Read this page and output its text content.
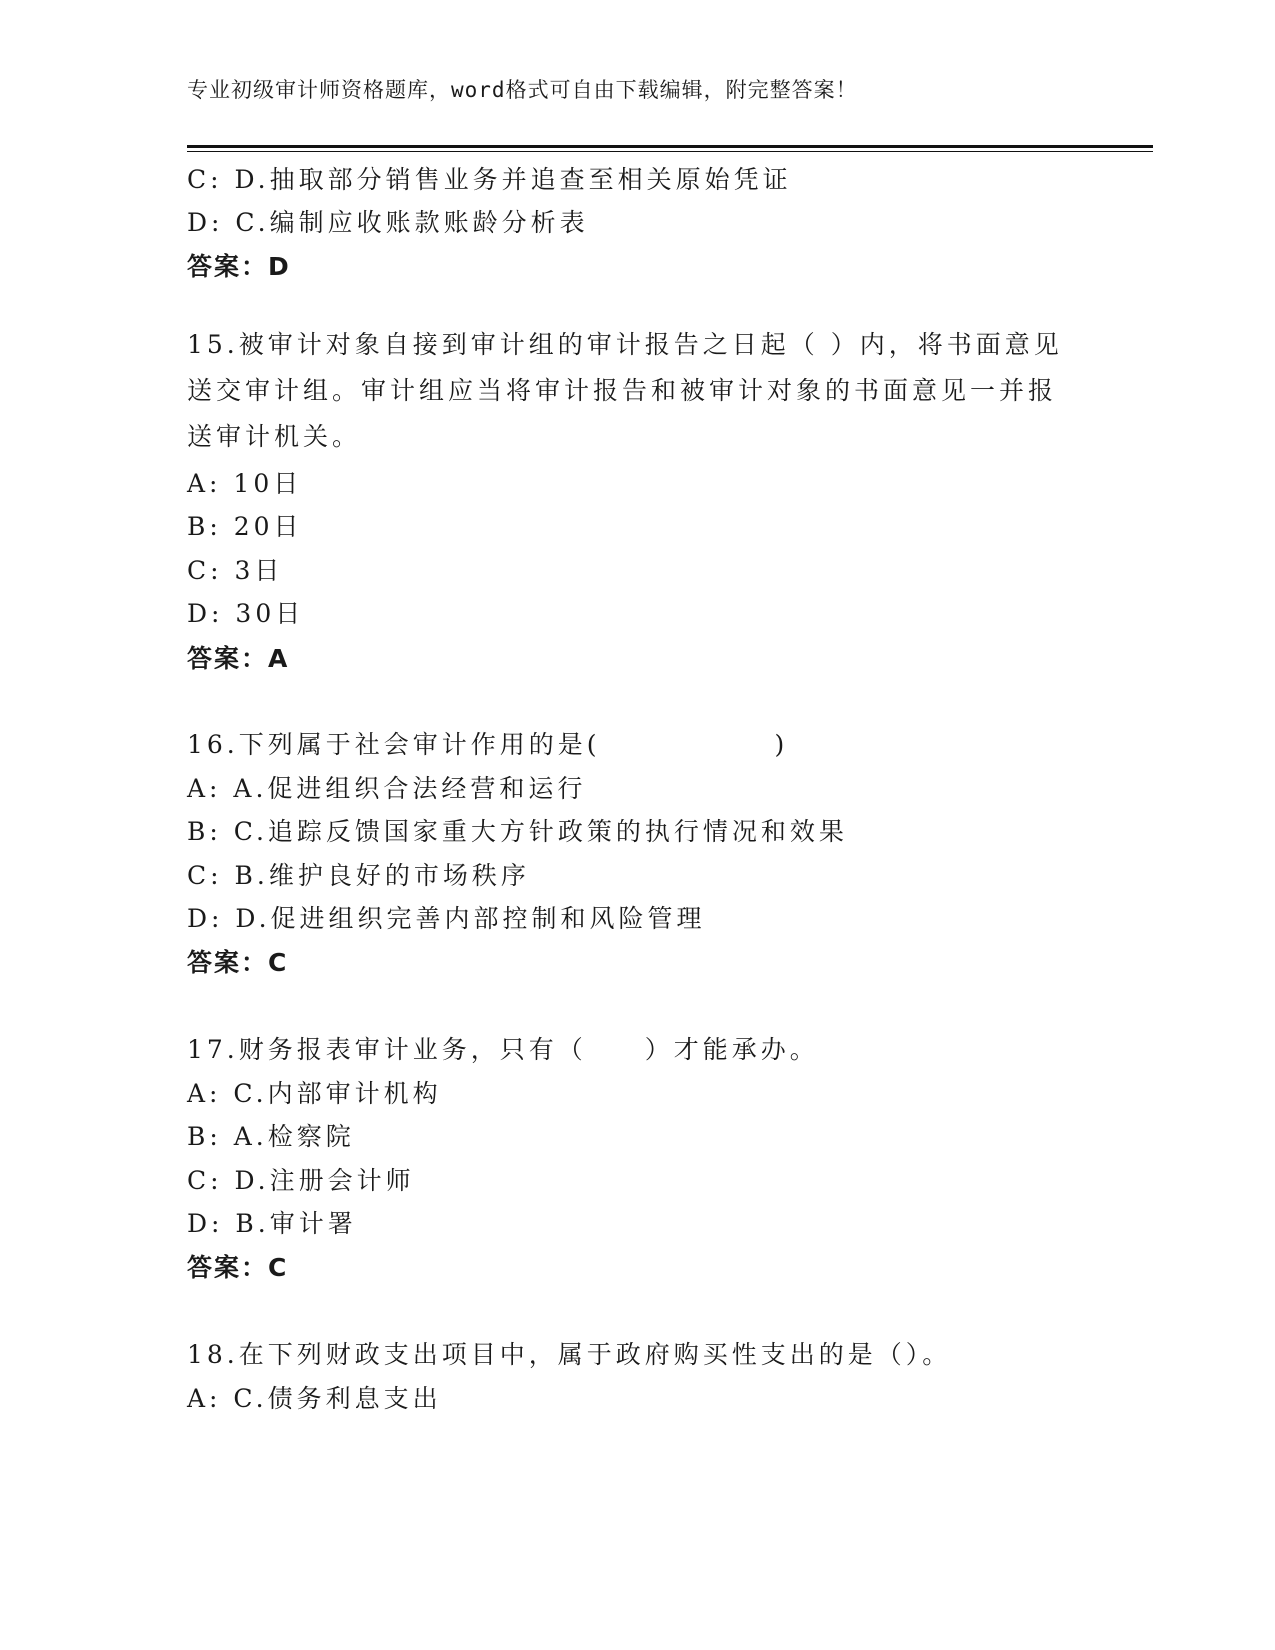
专业初级审计师资格题库，word格式可自由下载编辑，附完整答案！
C: D.抽取部分销售业务并追查至相关原始凭证
D: C.编制应收账款账龄分析表
答案：D
15.被审计对象自接到审计组的审计报告之日起（ ）内，将书面意见
送交审计组。审计组应当将审计报告和被审计对象的书面意见一并报
送审计机关。
A: 10日
B: 20日
C: 3日
D: 30日
答案：A
16.下列属于社会审计作用的是(　　　　　　)
A: A.促进组织合法经营和运行
B: C.追踪反馈国家重大方针政策的执行情况和效果
C: B.维护良好的市场秩序
D: D.促进组织完善内部控制和风险管理
答案：C
17.财务报表审计业务，只有（　　）才能承办。
A: C.内部审计机构
B: A.检察院
C: D.注册会计师
D: B.审计署
答案：C
18.在下列财政支出项目中，属于政府购买性支出的是（）。
A: C.债务利息支出
